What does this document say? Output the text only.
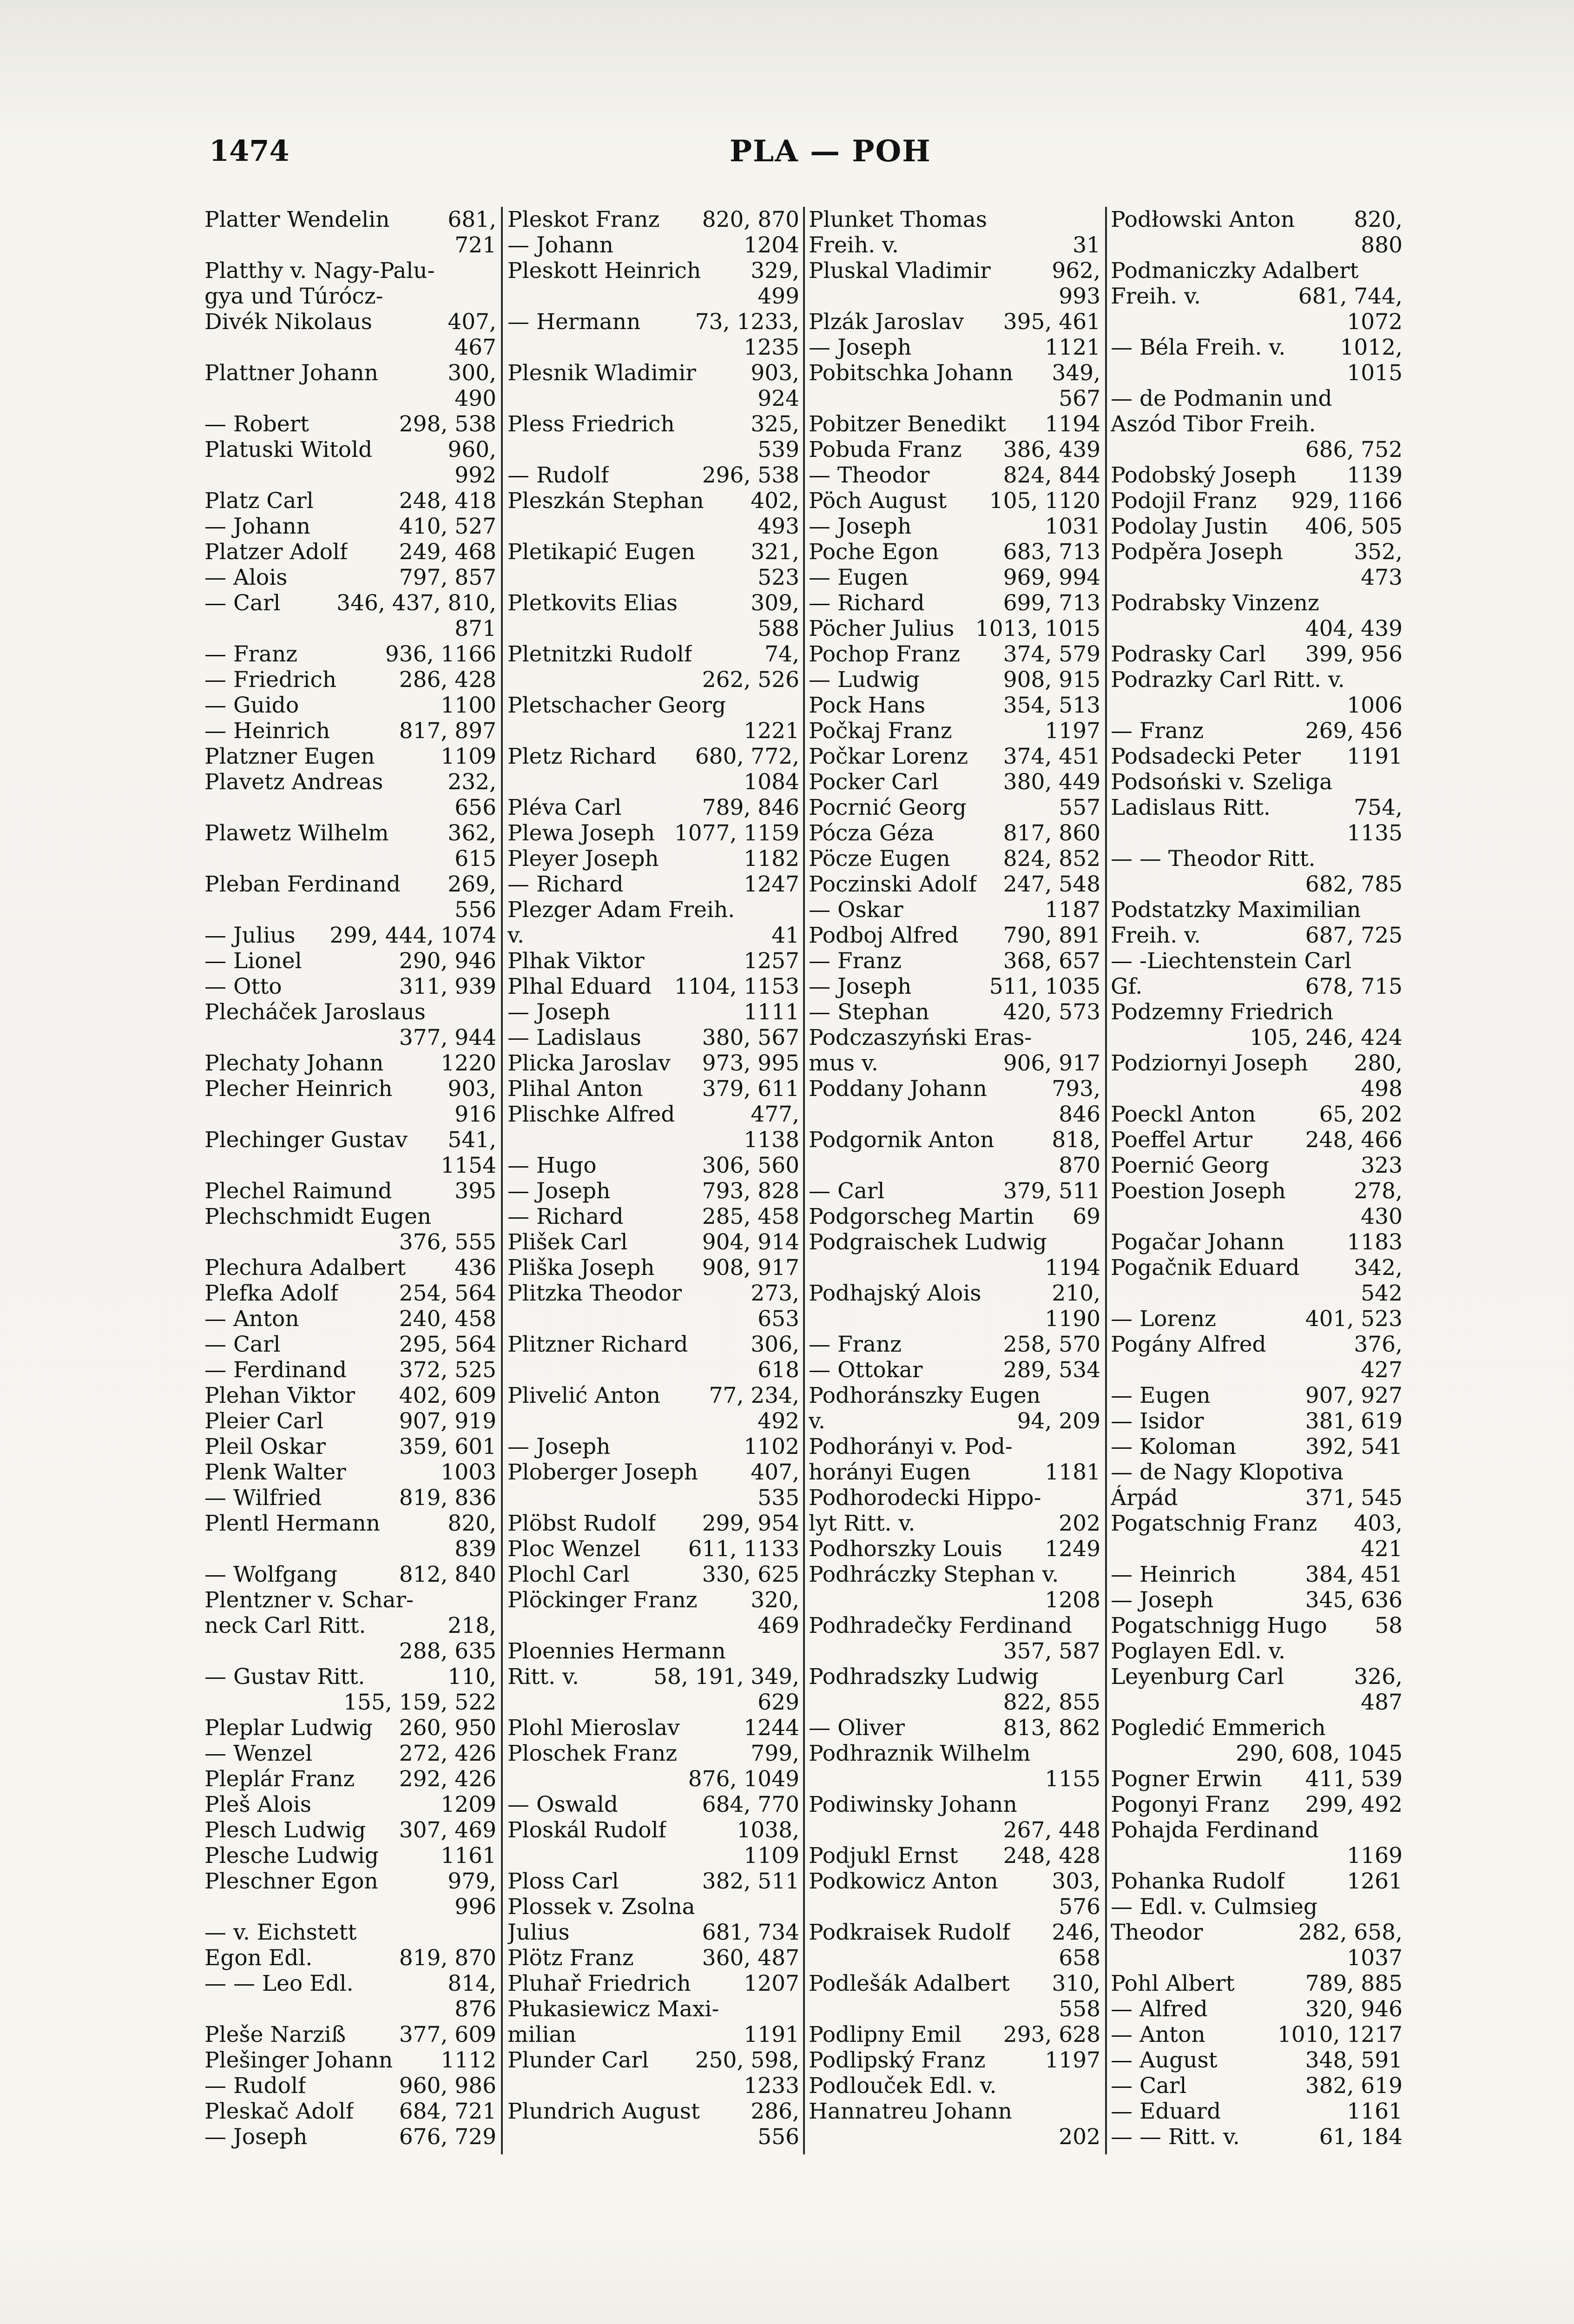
1474	PLA — POH
Platter Wendelin	681,
721
Platthy v. Nagy-Palu-
gya und Túrócz-
Divék Nikolaus	407,
467
Plattner Johann	300,
490
— Robert	298, 538
Platuski Witold	960,
992
Platz Carl	248, 418
— Johann	410, 527
Platzer Adolf 249, 468
— Alois	797, 857
— Carl	346, 437, 810,
871
— Franz	936, 1166
— Friedrich	286, 428
— Guido	1100
— Heinrich	817, 897
Platzner Eugen	1109
Plavetz Andreas	232,
656
Plawetz Wilhelm	362,
615
Pleban Ferdinand 269,
556
— Julius 299, 444, 1074
— Lionel	290, 946
— Otto	311, 939
Plecháček Jaroslaus
377, 944
Plechaty Johann	1220
Plecher Heinrich	903,
916
Plechinger Gustav 541,
1154
Plechel Raimund	395
Plechschmidt Eugen
376, 555
Plechura Adalbert 436
Plefka Adolf	254, 564
— Anton	240, 458
— Carl	295, 564
— Ferdinand 372, 525
Plehan Viktor 402, 609
Pleier Carl	907, 919
Pleil Oskar	359, 601
Plenk Walter	1003
— Wilfried	819, 836
Plentl Hermann	820,
839
— Wolfgang	812, 840
Plentzner v. Schar-
neck Carl Ritt.	218,
288, 635
— Gustav Ritt.	110,
155, 159, 522
Pleplar Ludwig 260, 950
— Wenzel	272, 426
Pleplár Franz 292, 426
Pleš Alois	1209
Plesch Ludwig 307, 469
Plesche Ludwig	1161
Pleschner Egon	979,
996
— v. Eichstett
Egon Edl.	819, 870
— — Leo Edl.	814,
876
Pleše Narziß 377, 609
Plešinger Johann 1112
— Rudolf	960, 986
Pleskač Adolf 684, 721
— Joseph	676, 729
Pleskot Franz 820, 870
— Johann	1204
Pleskott Heinrich 329,
499
— Hermann 73, 1233,
1235
Plesnik Wladimir 903,
924
Pless Friedrich	325,
539
— Rudolf	296, 538
Pleszkán Stephan 402,
493
Pletikapić Eugen	321,
523
Pletkovits Elias	309,
588
Pletnitzki Rudolf	74,
262, 526
Pletschacher Georg
1221
Pletz Richard 680, 772,
1084
Pléva Carl	789, 846
Plewa Joseph 1077, 1159
Pleyer Joseph	1182
— Richard	1247
Plezger Adam Freih.
v.	41
Plhak Viktor	1257
Plhal Eduard 1104, 1153
— Joseph	1111
— Ladislaus	380, 567
Plicka Jaroslav 973, 995
Plihal Anton	379, 611
Plischke Alfred	477,
1138
— Hugo	306, 560
— Joseph	793, 828
— Richard	285, 458
Plišek Carl	904, 914
Pliška Joseph 908, 917
Plitzka Theodor	273,
653
Plitzner Richard	306,
618
Plivelić Anton 77, 234,
492
— Joseph	1102
Ploberger Joseph 407,
535
Plöbst Rudolf 299, 954
Ploc Wenzel 611, 1133
Plochl Carl	330, 625
Plöckinger Franz 320,
469
Ploennies Hermann
Ritt. v.	58, 191, 349,
629
Plohl Mieroslav	1244
Ploschek Franz	799,
876, 1049
— Oswald	684, 770
Ploskál Rudolf	1038,
1109
Ploss Carl	382, 511
Plossek v. Zsolna
Julius	681, 734
Plötz Franz	360, 487
Pluhař Friedrich 1207
Płukasiewicz Maxi-
milian	1191
Plunder Carl 250, 598,
1233
Plundrich August 286,
556
Plunket Thomas
Freih. v.	31
Pluskal Vladimir	962,
993
Plzák Jaroslav 395, 461
— Joseph	1121
Pobitschka Johann 349,
567
Pobitzer Benedikt 1194
Pobuda Franz 386, 439
— Theodor	824, 844
Pöch August 105, 1120
— Joseph	1031
Poche Egon	683, 713
— Eugen	969, 994
— Richard	699, 713
Pöcher Julius 1013, 1015
Pochop Franz 374, 579
— Ludwig	908, 915
Pock Hans	354, 513
Počkaj Franz	1197
Počkar Lorenz 374, 451
Pocker Carl	380, 449
Pocrnić Georg	557
Pócza Géza	817, 860
Pöcze Eugen 824, 852
Poczinski Adolf 247, 548
— Oskar	1187
Podboj Alfred 790, 891
— Franz	368, 657
— Joseph	511, 1035
— Stephan	420, 573
Podczaszyński Eras-
mus v.	906, 917
Poddany Johann	793,
846
Podgornik Anton	818,
870
— Carl	379, 511
Podgorscheg Martin 69
Podgraischek Ludwig
1194
Podhajský Alois	210,
1190
— Franz	258, 570
— Ottokar	289, 534
Podhoránszky Eugen
v.	94, 209
Podhorányi v. Pod-
horányi Eugen	1181
Podhorodecki Hippo-
lyt Ritt. v.	202
Podhorszky Louis 1249
Podhráczky Stephan v.
1208
Podhradečky Ferdinand
357, 587
Podhradszky Ludwig
822, 855
— Oliver	813, 862
Podhraznik Wilhelm
1155
Podiwinsky Johann
267, 448
Podjukl Ernst 248, 428
Podkowicz Anton 303,
576
Podkraisek Rudolf 246,
658
Podlešák Adalbert 310,
558
Podlipny Emil 293, 628
Podlipský Franz	1197
Podlouček Edl. v.
Hannatreu Johann
202
Podłowski Anton	820,
880
Podmaniczky Adalbert
Freih. v.	681, 744,
1072
— Béla Freih. v. 1012,
1015
— de Podmanin und
Aszód Tibor Freih.
686, 752
Podobský Joseph 1139
Podojil Franz 929, 1166
Podolay Justin 406, 505
Podpěra Joseph	352,
473
Podrabsky Vinzenz
404, 439
Podrasky Carl 399, 956
Podrazky Carl Ritt. v.
1006
— Franz	269, 456
Podsadecki Peter 1191
Podsoński v. Szeliga
Ladislaus Ritt.	754,
1135
— — Theodor Ritt.
682, 785
Podstatzky Maximilian
Freih. v.	687, 725
— -Liechtenstein Carl
Gf.	678, 715
Podzemny Friedrich
105, 246, 424
Podziornyi Joseph 280,
498
Poeckl Anton	65, 202
Poeffel Artur 248, 466
Poernić Georg	323
Poestion Joseph	278,
430
Pogačar Johann	1183
Pogačnik Eduard 342,
542
— Lorenz	401, 523
Pogány Alfred	376,
427
— Eugen	907, 927
— Isidor	381, 619
— Koloman	392, 541
— de Nagy Klopotiva
Árpád	371, 545
Pogatschnig Franz 403,
421
— Heinrich	384, 451
— Joseph	345, 636
Pogatschnigg Hugo 58
Poglayen Edl. v.
Leyenburg Carl	326,
487
Pogledić Emmerich
290, 608, 1045
Pogner Erwin 411, 539
Pogonyi Franz 299, 492
Pohajda Ferdinand
1169
Pohanka Rudolf	1261
— Edl. v. Culmsieg
Theodor	282, 658,
1037
Pohl Albert	789, 885
— Alfred	320, 946
— Anton	1010, 1217
— August	348, 591
— Carl	382, 619
— Eduard	1161
— — Ritt. v.	61, 184
